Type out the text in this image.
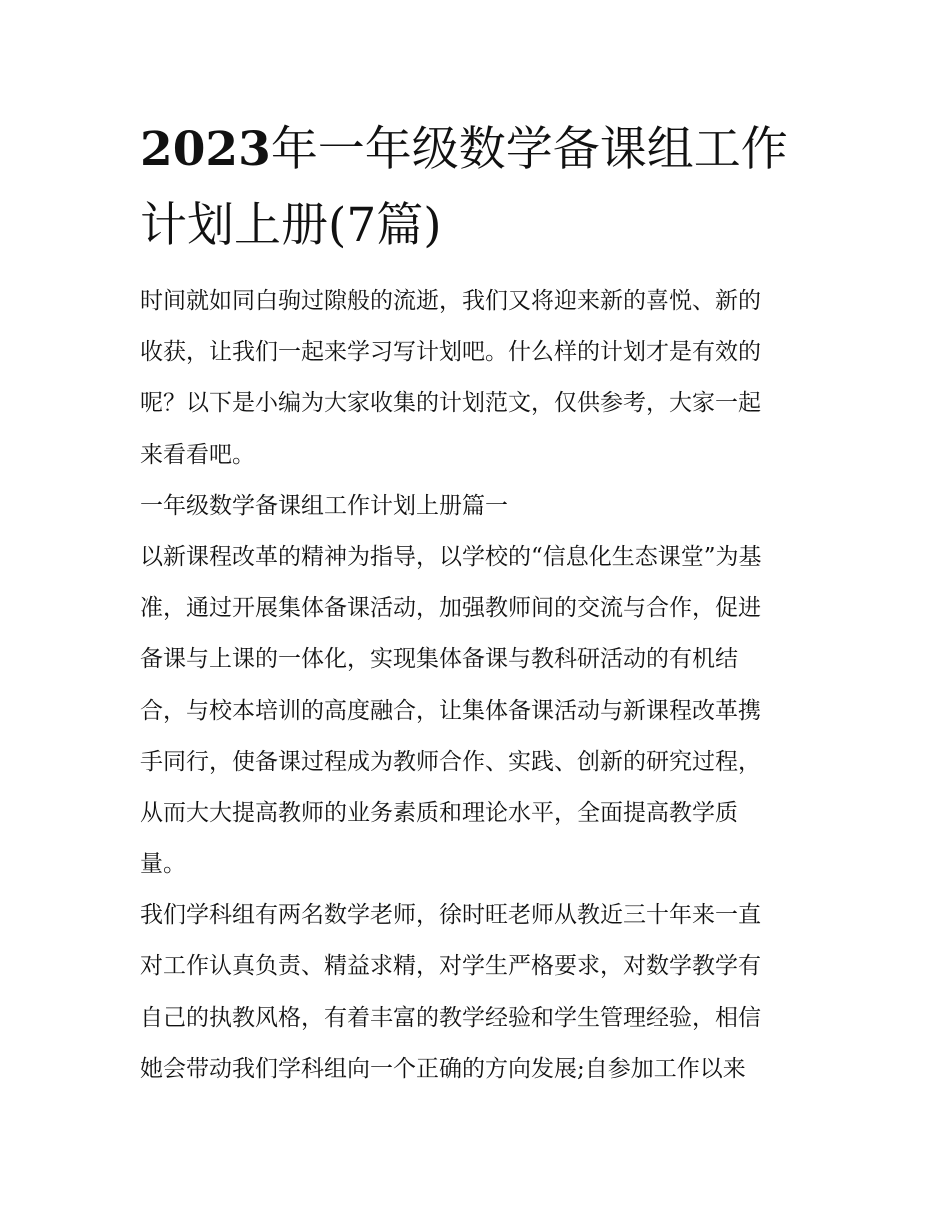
2023年一年级数学备课组工作
计划上册(7篇)
时间就如同白驹过隙般的流逝，我们又将迎来新的喜悦、新的
收获，让我们一起来学习写计划吧。什么样的计划才是有效的
呢？以下是小编为大家收集的计划范文，仅供参考，大家一起
来看看吧。
一年级数学备课组工作计划上册篇一
以新课程改革的精神为指导，以学校的“信息化生态课堂”为基
准，通过开展集体备课活动，加强教师间的交流与合作，促进
备课与上课的一体化，实现集体备课与教科研活动的有机结
合，与校本培训的高度融合，让集体备课活动与新课程改革携
手同行，使备课过程成为教师合作、实践、创新的研究过程，
从而大大提高教师的业务素质和理论水平，全面提高教学质
量。
我们学科组有两名数学老师，徐时旺老师从教近三十年来一直
对工作认真负责、精益求精，对学生严格要求，对数学教学有
自己的执教风格，有着丰富的教学经验和学生管理经验，相信
她会带动我们学科组向一个正确的方向发展;自参加工作以来
